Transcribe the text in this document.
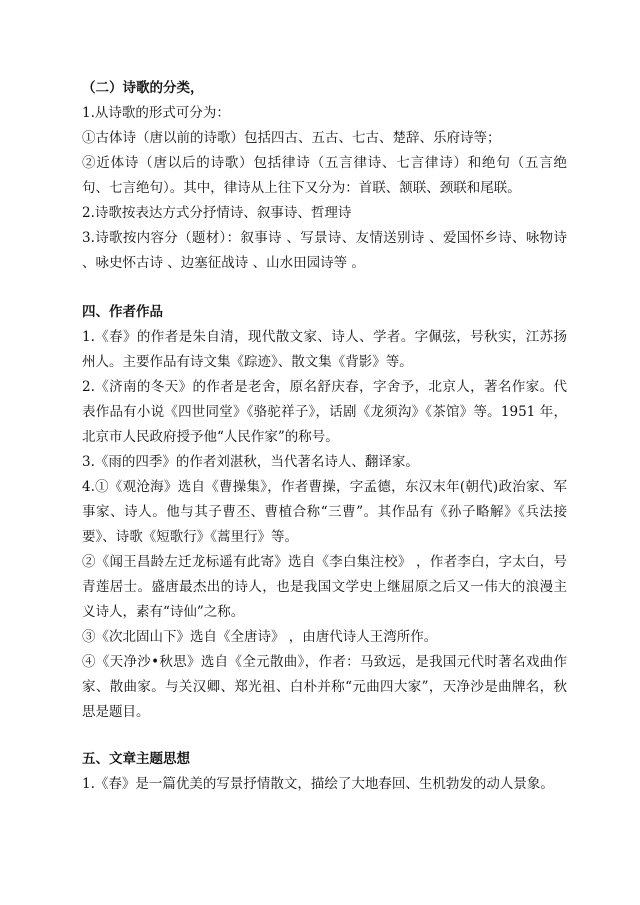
（二）诗歌的分类，

1.从诗歌的形式可分为：

①古体诗（唐以前的诗歌）包括四古、五古、七古、楚辞、乐府诗等；

②近体诗（唐以后的诗歌）包括律诗（五言律诗、七言律诗）和绝句（五言绝句、七言绝句）。其中，律诗从上往下又分为：首联、颔联、颈联和尾联。

2.诗歌按表达方式分抒情诗、叙事诗、哲理诗

3.诗歌按内容分（题材）：叙事诗 、写景诗、友情送别诗 、爱国怀乡诗、咏物诗 、咏史怀古诗 、边塞征战诗 、山水田园诗等 。

四、作者作品

1.《春》的作者是朱自清，现代散文家、诗人、学者。字佩弦，号秋实，江苏扬州人。主要作品有诗文集《踪迹》、散文集《背影》等。

2.《济南的冬天》的作者是老舍，原名舒庆春，字舍予，北京人，著名作家。代表作品有小说《四世同堂》《骆驼祥子》，话剧《龙须沟》《茶馆》等。1951 年，北京市人民政府授予他“人民作家”的称号。

3.《雨的四季》的作者刘湛秋，当代著名诗人、翻译家。

4.①《观沧海》选自《曹操集》，作者曹操，字孟德，东汉末年(朝代)政治家、军事家、诗人。他与其子曹丕、曹植合称“三曹”。其作品有《孙子略解》《兵法接要》、诗歌《短歌行》《蒿里行》等。

②《闻王昌龄左迁龙标遥有此寄》选自《李白集注校》 ，作者李白，字太白，号青莲居士。盛唐最杰出的诗人，也是我国文学史上继屈原之后又一伟大的浪漫主义诗人，素有“诗仙”之称。

③《次北固山下》选自《全唐诗》 ，由唐代诗人王湾所作。

④《天净沙•秋思》选自《全元散曲》，作者：马致远，是我国元代时著名戏曲作家、散曲家。与关汉卿、郑光祖、白朴并称“元曲四大家”，天净沙是曲牌名，秋思是题目。

五、文章主题思想

1.《春》是一篇优美的写景抒情散文，描绘了大地春回、生机勃发的动人景象。
